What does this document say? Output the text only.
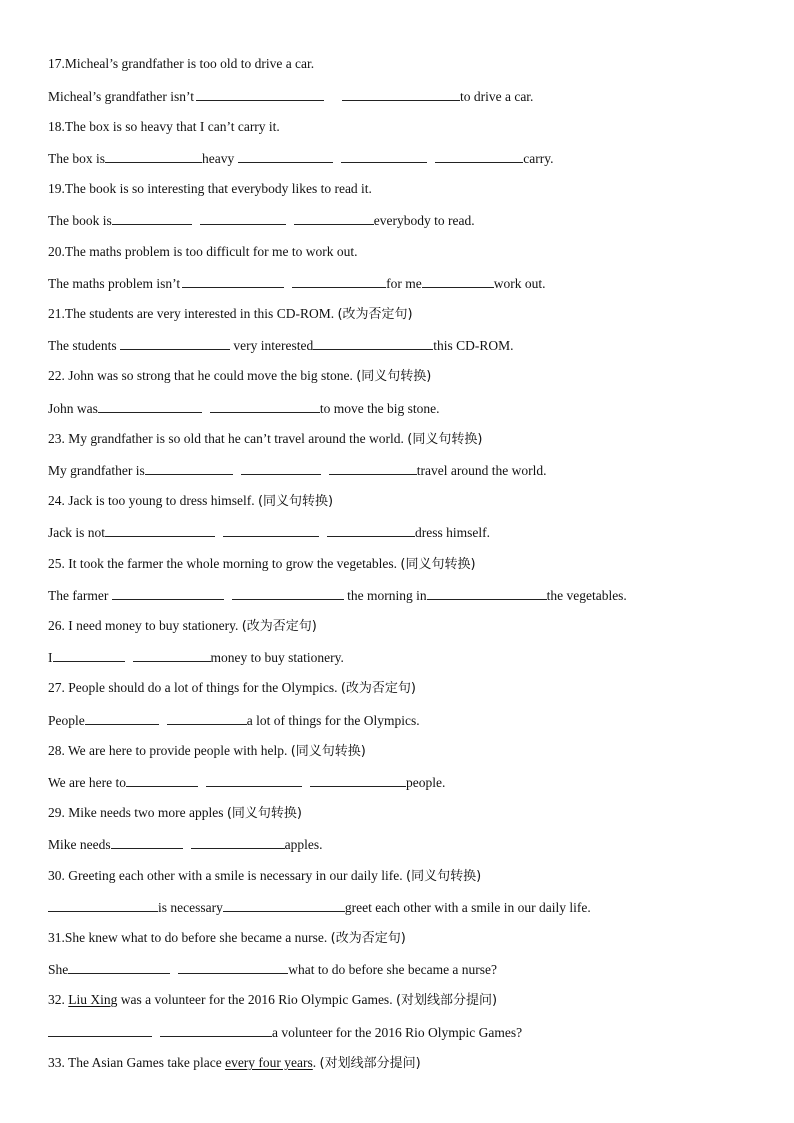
17.Micheal’s grandfather is too old to drive a car.
Micheal’s grandfather isn’t	to drive a car.
18.The box is so heavy that I can’t carry it.
The box is	heavy	carry.
19.The book is so interesting that everybody likes to read it.
The book is	everybody to read.
20.The maths problem is too difficult for me to work out.
The maths problem isn’t	for me	work out.
21.The students are very interested in this CD-ROM. (改为否定句)
The students	very interested	this CD-ROM.
22. John was so strong that he could move the big stone. (同义句转换)
John was	to move the big stone.
23. My grandfather is so old that he can’t travel around the world. (同义句转换)
My grandfather is	travel around the world.
24. Jack is too young to dress himself. (同义句转换)
Jack is not	dress himself.
25. It took the farmer the whole morning to grow the vegetables. (同义句转换)
The farmer	the morning in	the vegetables.
26. I need money to buy stationery. (改为否定句)
I	money to buy stationery.
27. People should do a lot of things for the Olympics. (改为否定句)
People	a lot of things for the Olympics.
28. We are here to provide people with help. (同义句转换)
We are here to	people.
29. Mike needs two more apples (同义句转换)
Mike needs	apples.
30. Greeting each other with a smile is necessary in our daily life. (同义句转换)
is necessary	greet each other with a smile in our daily life.
31.She knew what to do before she became a nurse. (改为否定句)
She	what to do before she became a nurse?
32. Liu Xing was a volunteer for the 2016 Rio Olympic Games. (对划线部分提问)
a volunteer for the 2016 Rio Olympic Games?
33. The Asian Games take place every four years. (对划线部分提问)
